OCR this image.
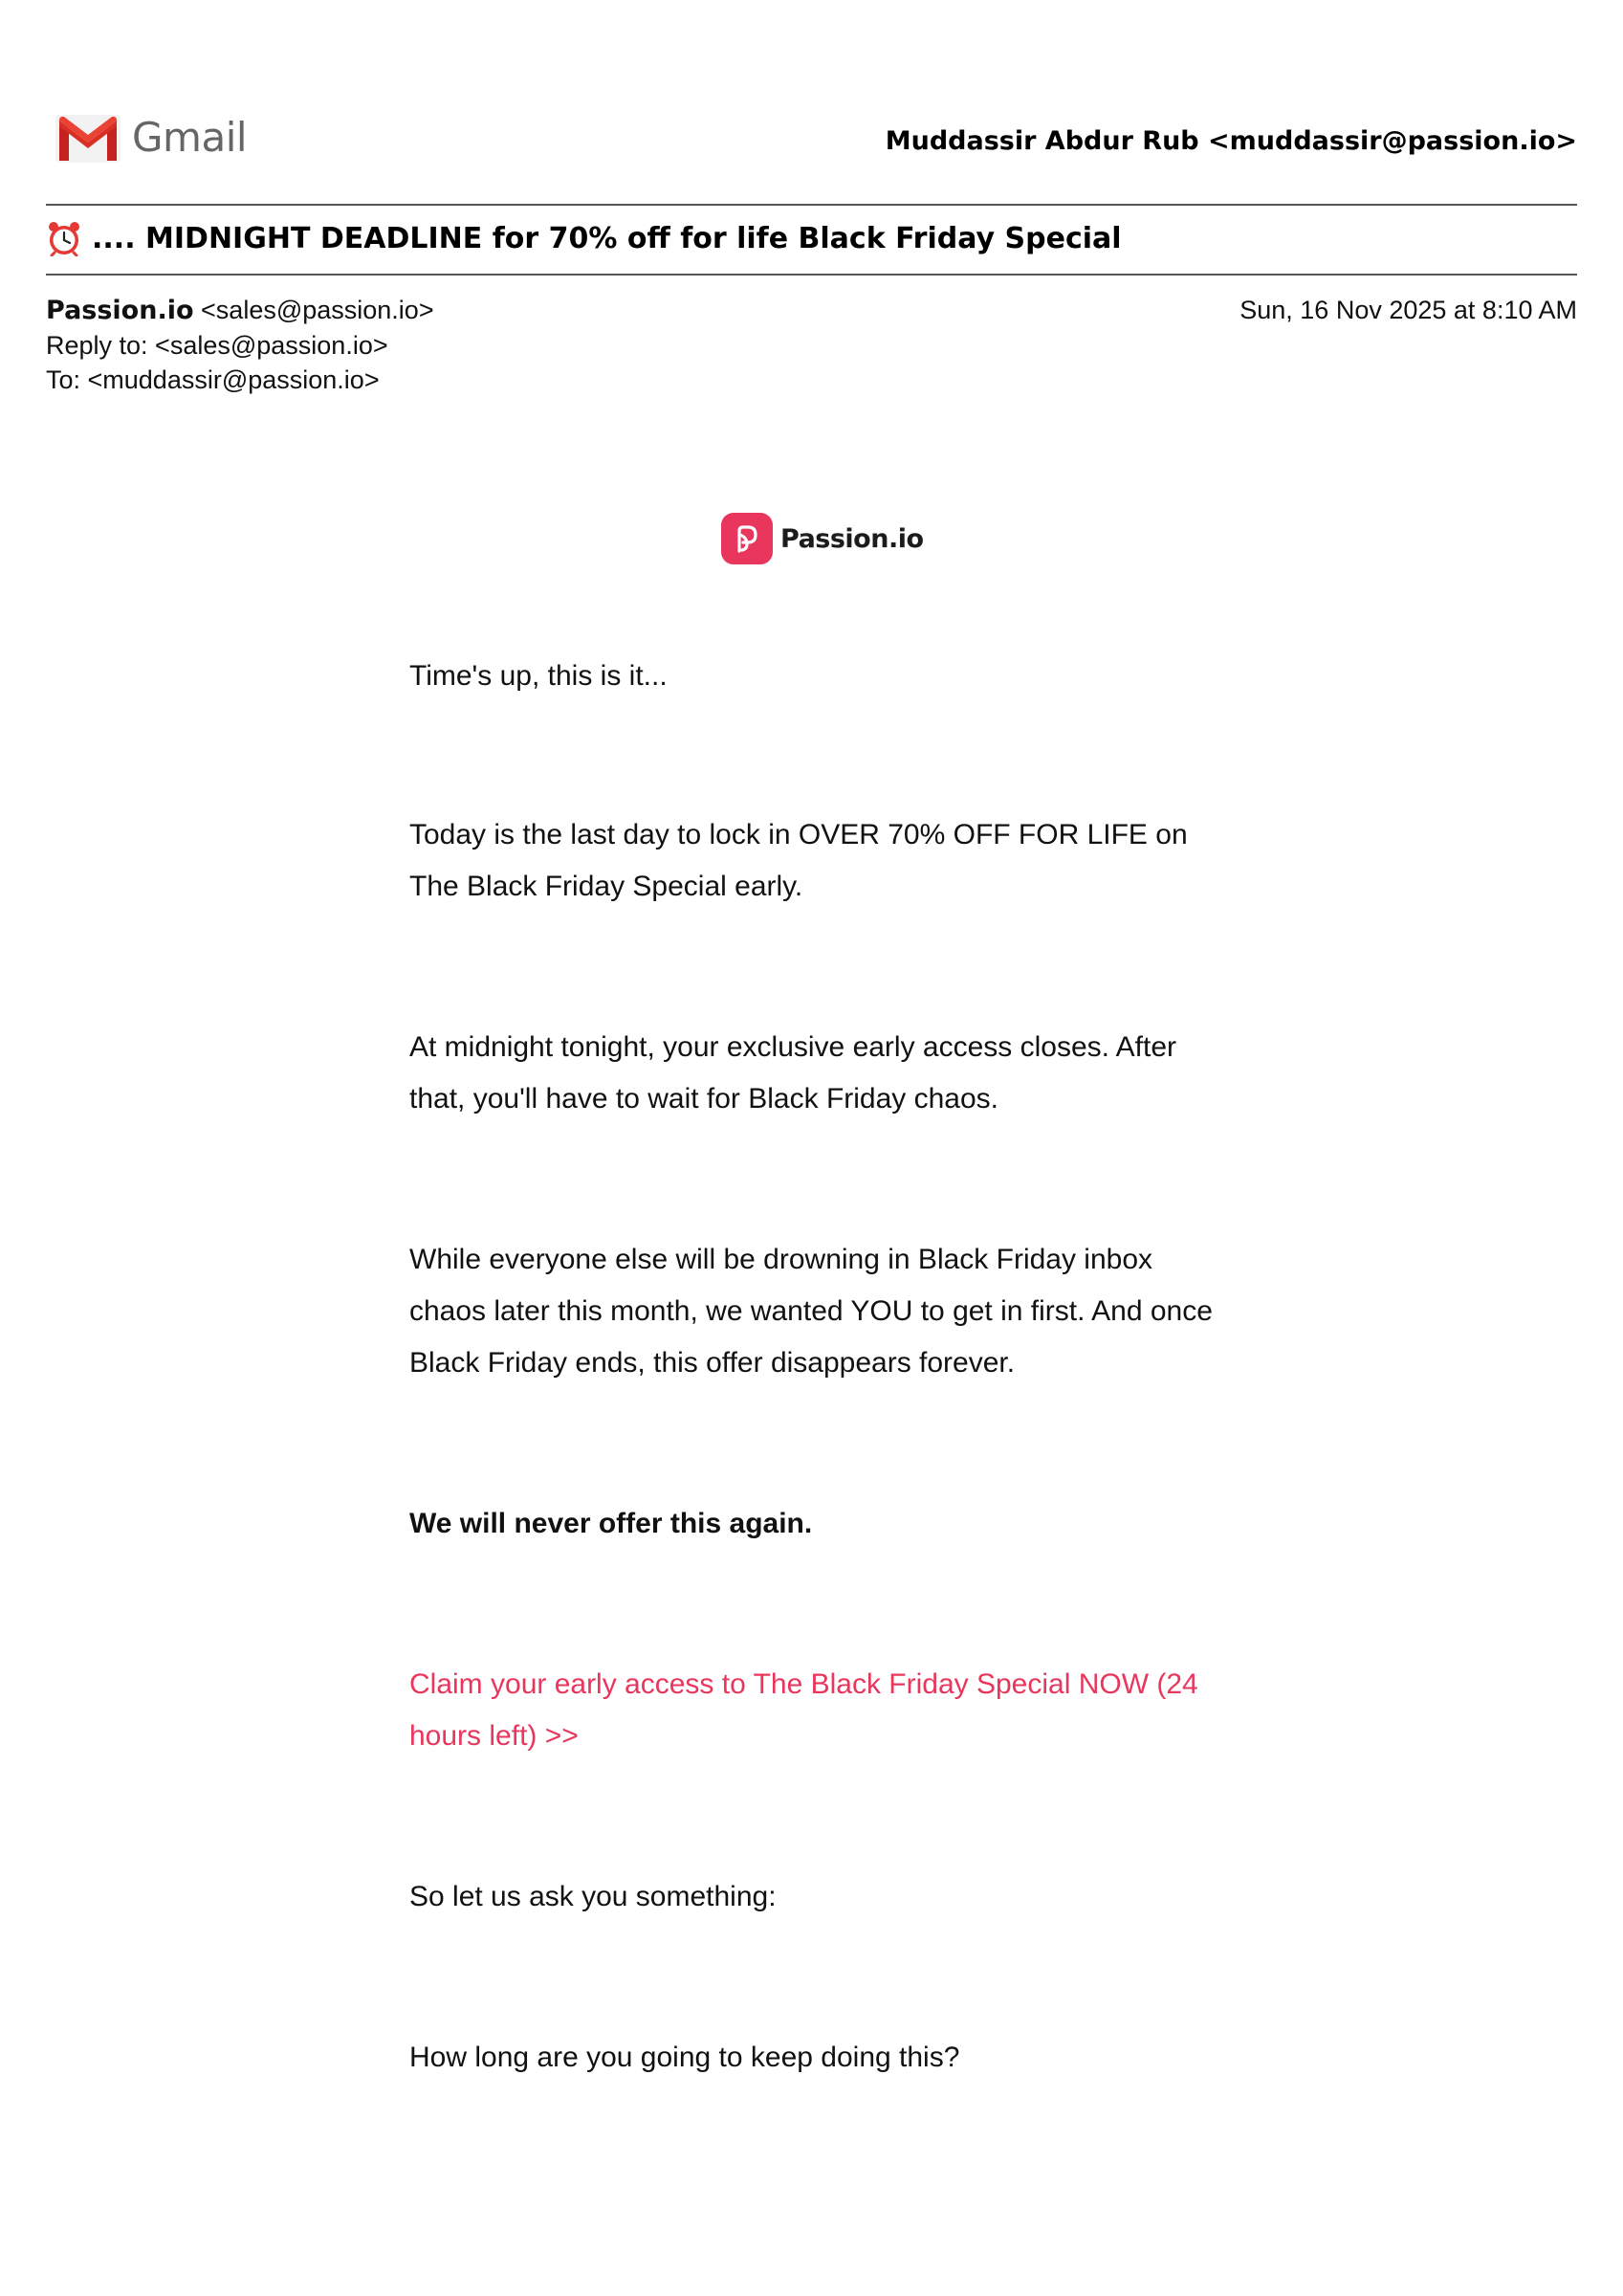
Gmail	Muddassir Abdur Rub <muddassir@passion.io>
.... MIDNIGHT DEADLINE for 70% off for life Black Friday Special
Passion.io <sales@passion.io>
Reply to: <sales@passion.io>
To: <muddassir@passion.io>
Sun, 16 Nov 2025 at 8:10 AM
Passion.io
Time's up, this is it...
Today is the last day to lock in OVER 70% OFF FOR LIFE on The Black Friday Special early.
At midnight tonight, your exclusive early access closes. After that, you'll have to wait for Black Friday chaos.
While everyone else will be drowning in Black Friday inbox chaos later this month, we wanted YOU to get in first. And once Black Friday ends, this offer disappears forever.
We will never offer this again.
Claim your early access to The Black Friday Special NOW (24 hours left) >>
So let us ask you something:
How long are you going to keep doing this?
